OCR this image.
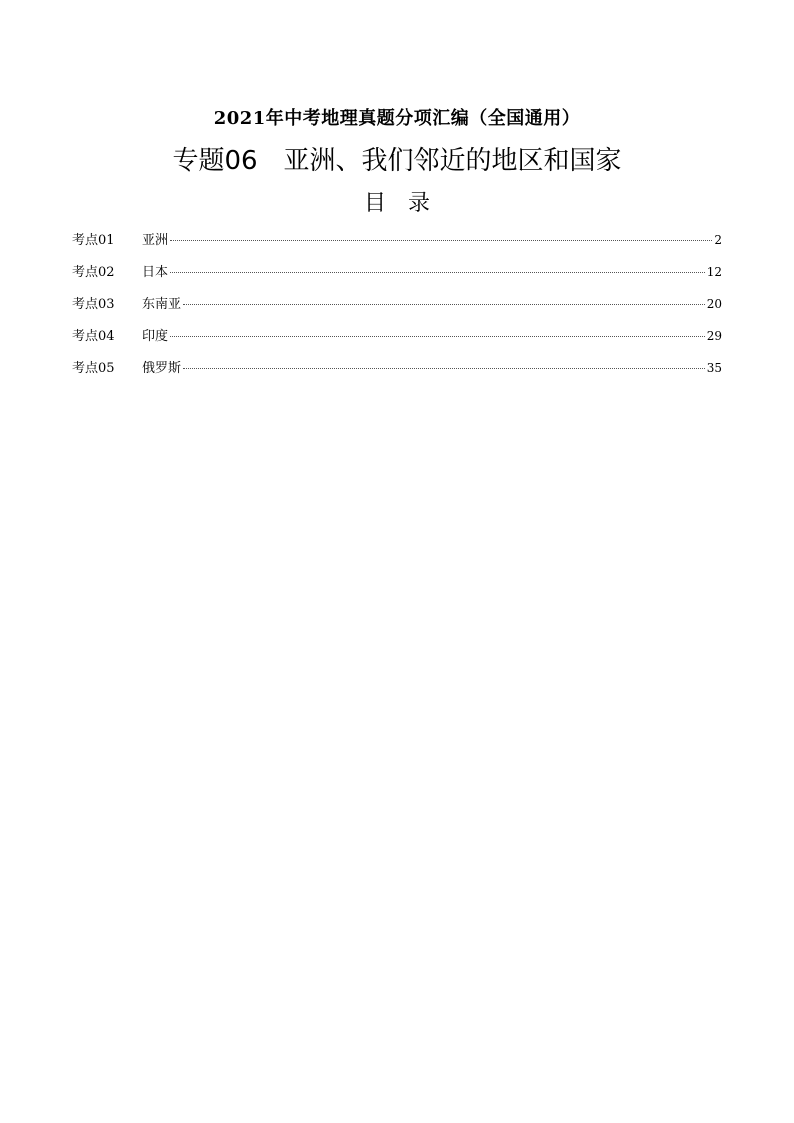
2021年中考地理真题分项汇编（全国通用）
专题06　亚洲、我们邻近的地区和国家
目　录
考点01	亚洲	2
考点02	日本	12
考点03	东南亚	20
考点04	印度	29
考点05	俄罗斯	35
